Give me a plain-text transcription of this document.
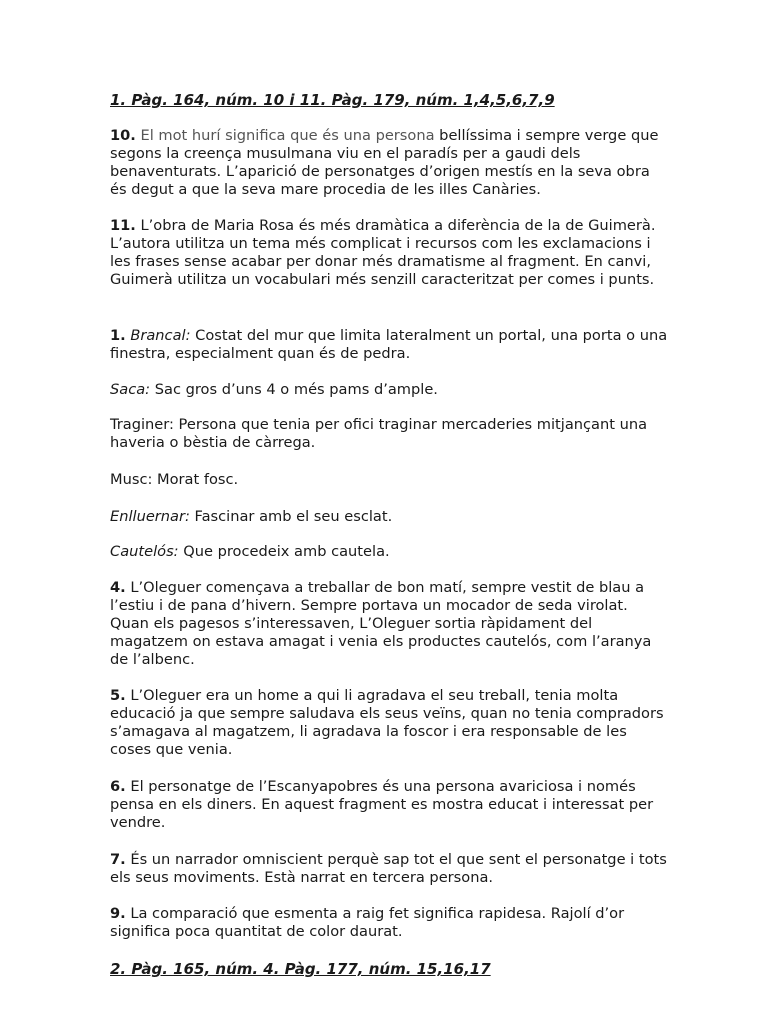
1. Pàg. 164, núm. 10 i 11. Pàg. 179, núm. 1,4,5,6,7,9

10. El mot hurí significa que és una persona bellíssima i sempre verge que segons la creença musulmana viu en el paradís per a gaudi dels benaventurats. L’aparició de personatges d’origen mestís en la seva obra és degut a que la seva mare procedia de les illes Canàries.

11. L’obra de Maria Rosa és més dramàtica a diferència de la de Guimerà. L’autora utilitza un tema més complicat i recursos com les exclamacions i les frases sense acabar per donar més dramatisme al fragment. En canvi, Guimerà utilitza un vocabulari més senzill caracteritzat per comes i punts.

1. Brancal: Costat del mur que limita lateralment un portal, una porta o una finestra, especialment quan és de pedra.

Saca: Sac gros d’uns 4 o més pams d’ample.

Traginer: Persona que tenia per ofici traginar mercaderies mitjançant una haveria o bèstia de càrrega.

Musc: Morat fosc.

Enlluernar: Fascinar amb el seu esclat.

Cautelós: Que procedeix amb cautela.

4. L’Oleguer començava a treballar de bon matí, sempre vestit de blau a l’estiu i de pana d’hivern. Sempre portava un mocador de seda virolat. Quan els pagesos s’interessaven, L’Oleguer sortia ràpidament del magatzem on estava amagat i venia els productes cautelós, com l’aranya de l’albenc.

5. L’Oleguer era un home a qui li agradava el seu treball, tenia molta educació ja que sempre saludava els seus veïns, quan no tenia compradors s’amagava al magatzem, li agradava la foscor i era responsable de les coses que venia.

6. El personatge de l’Escanyapobres és una persona avariciosa i només pensa en els diners. En aquest fragment es mostra educat i interessat per vendre.

7. És un narrador omniscient perquè sap tot el que sent el personatge i tots els seus moviments. Està narrat en tercera persona.

9. La comparació que esmenta a raig fet significa rapidesa. Rajolí d’or significa poca quantitat de color daurat.

2. Pàg. 165, núm. 4. Pàg. 177, núm. 15,16,17
